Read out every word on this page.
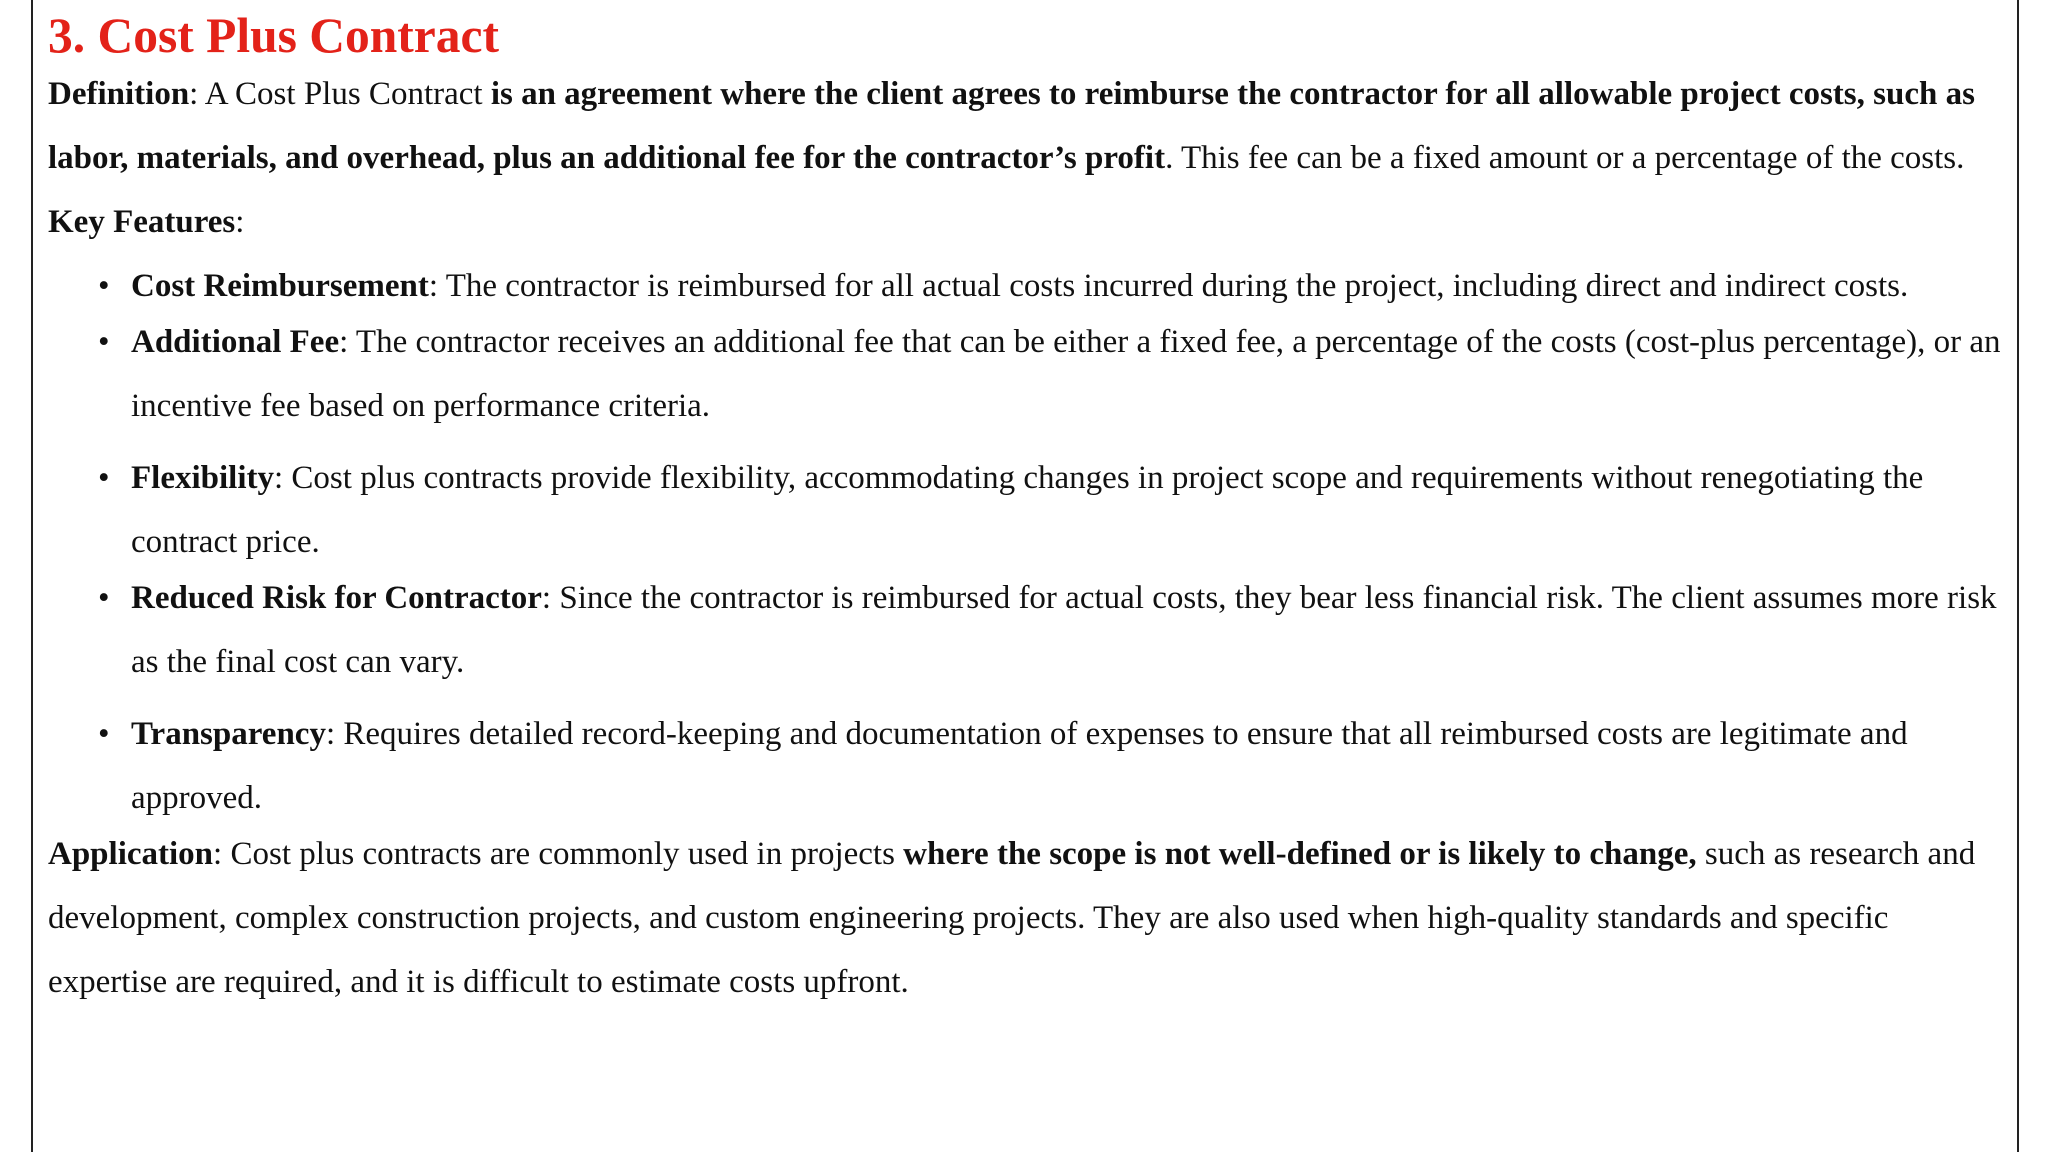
3. Cost Plus Contract

Definition: A Cost Plus Contract is an agreement where the client agrees to reimburse the contractor for all allowable project costs, such as labor, materials, and overhead, plus an additional fee for the contractor’s profit. This fee can be a fixed amount or a percentage of the costs.

Key Features:

• Cost Reimbursement: The contractor is reimbursed for all actual costs incurred during the project, including direct and indirect costs.
• Additional Fee: The contractor receives an additional fee that can be either a fixed fee, a percentage of the costs (cost-plus percentage), or an incentive fee based on performance criteria.
• Flexibility: Cost plus contracts provide flexibility, accommodating changes in project scope and requirements without renegotiating the contract price.
• Reduced Risk for Contractor: Since the contractor is reimbursed for actual costs, they bear less financial risk. The client assumes more risk as the final cost can vary.
• Transparency: Requires detailed record-keeping and documentation of expenses to ensure that all reimbursed costs are legitimate and approved.

Application: Cost plus contracts are commonly used in projects where the scope is not well-defined or is likely to change, such as research and development, complex construction projects, and custom engineering projects. They are also used when high-quality standards and specific expertise are required, and it is difficult to estimate costs upfront.
